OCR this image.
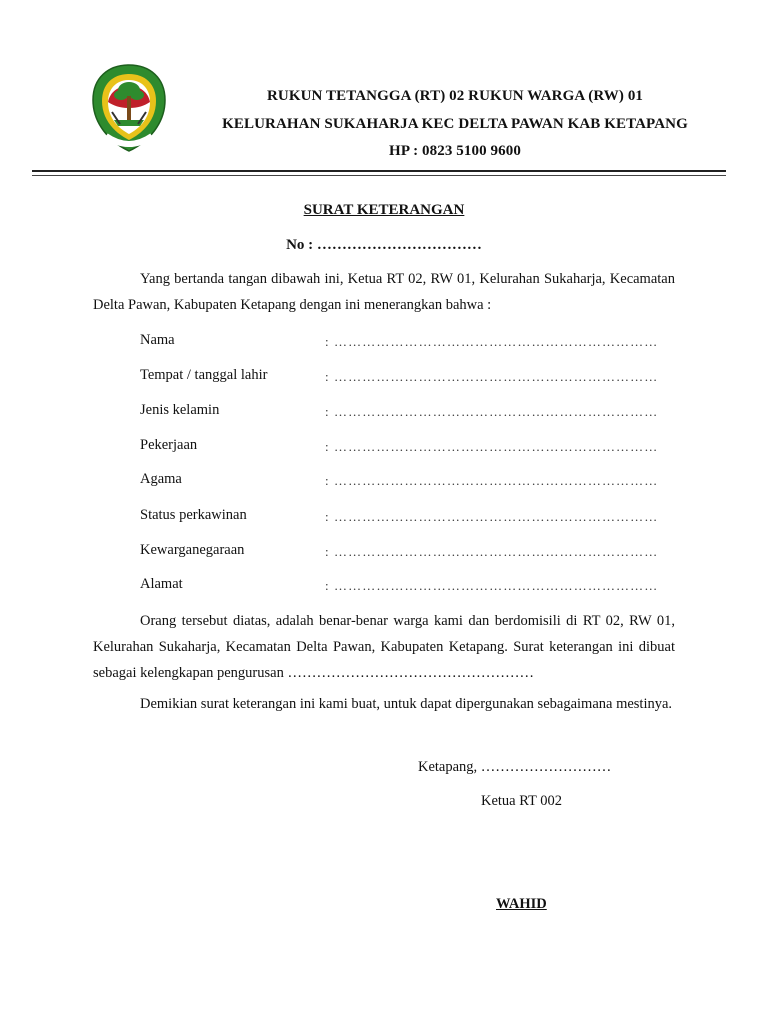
RUKUN TETANGGA (RT) 02 RUKUN WARGA (RW) 01
KELURAHAN SUKAHARJA KEC DELTA PAWAN KAB KETAPANG
HP : 0823 5100 9600
SURAT KETERANGAN
No : ……………………………
Yang bertanda tangan dibawah ini, Ketua RT 02, RW 01, Kelurahan Sukaharja, Kecamatan Delta Pawan, Kabupaten Ketapang dengan ini menerangkan bahwa :
Nama	: ……………………………………………………………
Tempat / tanggal lahir	: ……………………………………………………………
Jenis kelamin	: ……………………………………………………………
Pekerjaan	: ……………………………………………………………
Agama	: ……………………………………………………………
Status perkawinan	: ……………………………………………………………
Kewarganegaraan	: ……………………………………………………………
Alamat	: ……………………………………………………………
Orang tersebut diatas, adalah benar-benar warga kami dan berdomisili di RT 02, RW 01, Kelurahan Sukaharja, Kecamatan Delta Pawan, Kabupaten Ketapang. Surat keterangan ini dibuat sebagai kelengkapan pengurusan ……………………………………………
Demikian surat keterangan ini kami buat, untuk dapat dipergunakan sebagaimana mestinya.
Ketapang, ………………………
Ketua RT 002
WAHID
